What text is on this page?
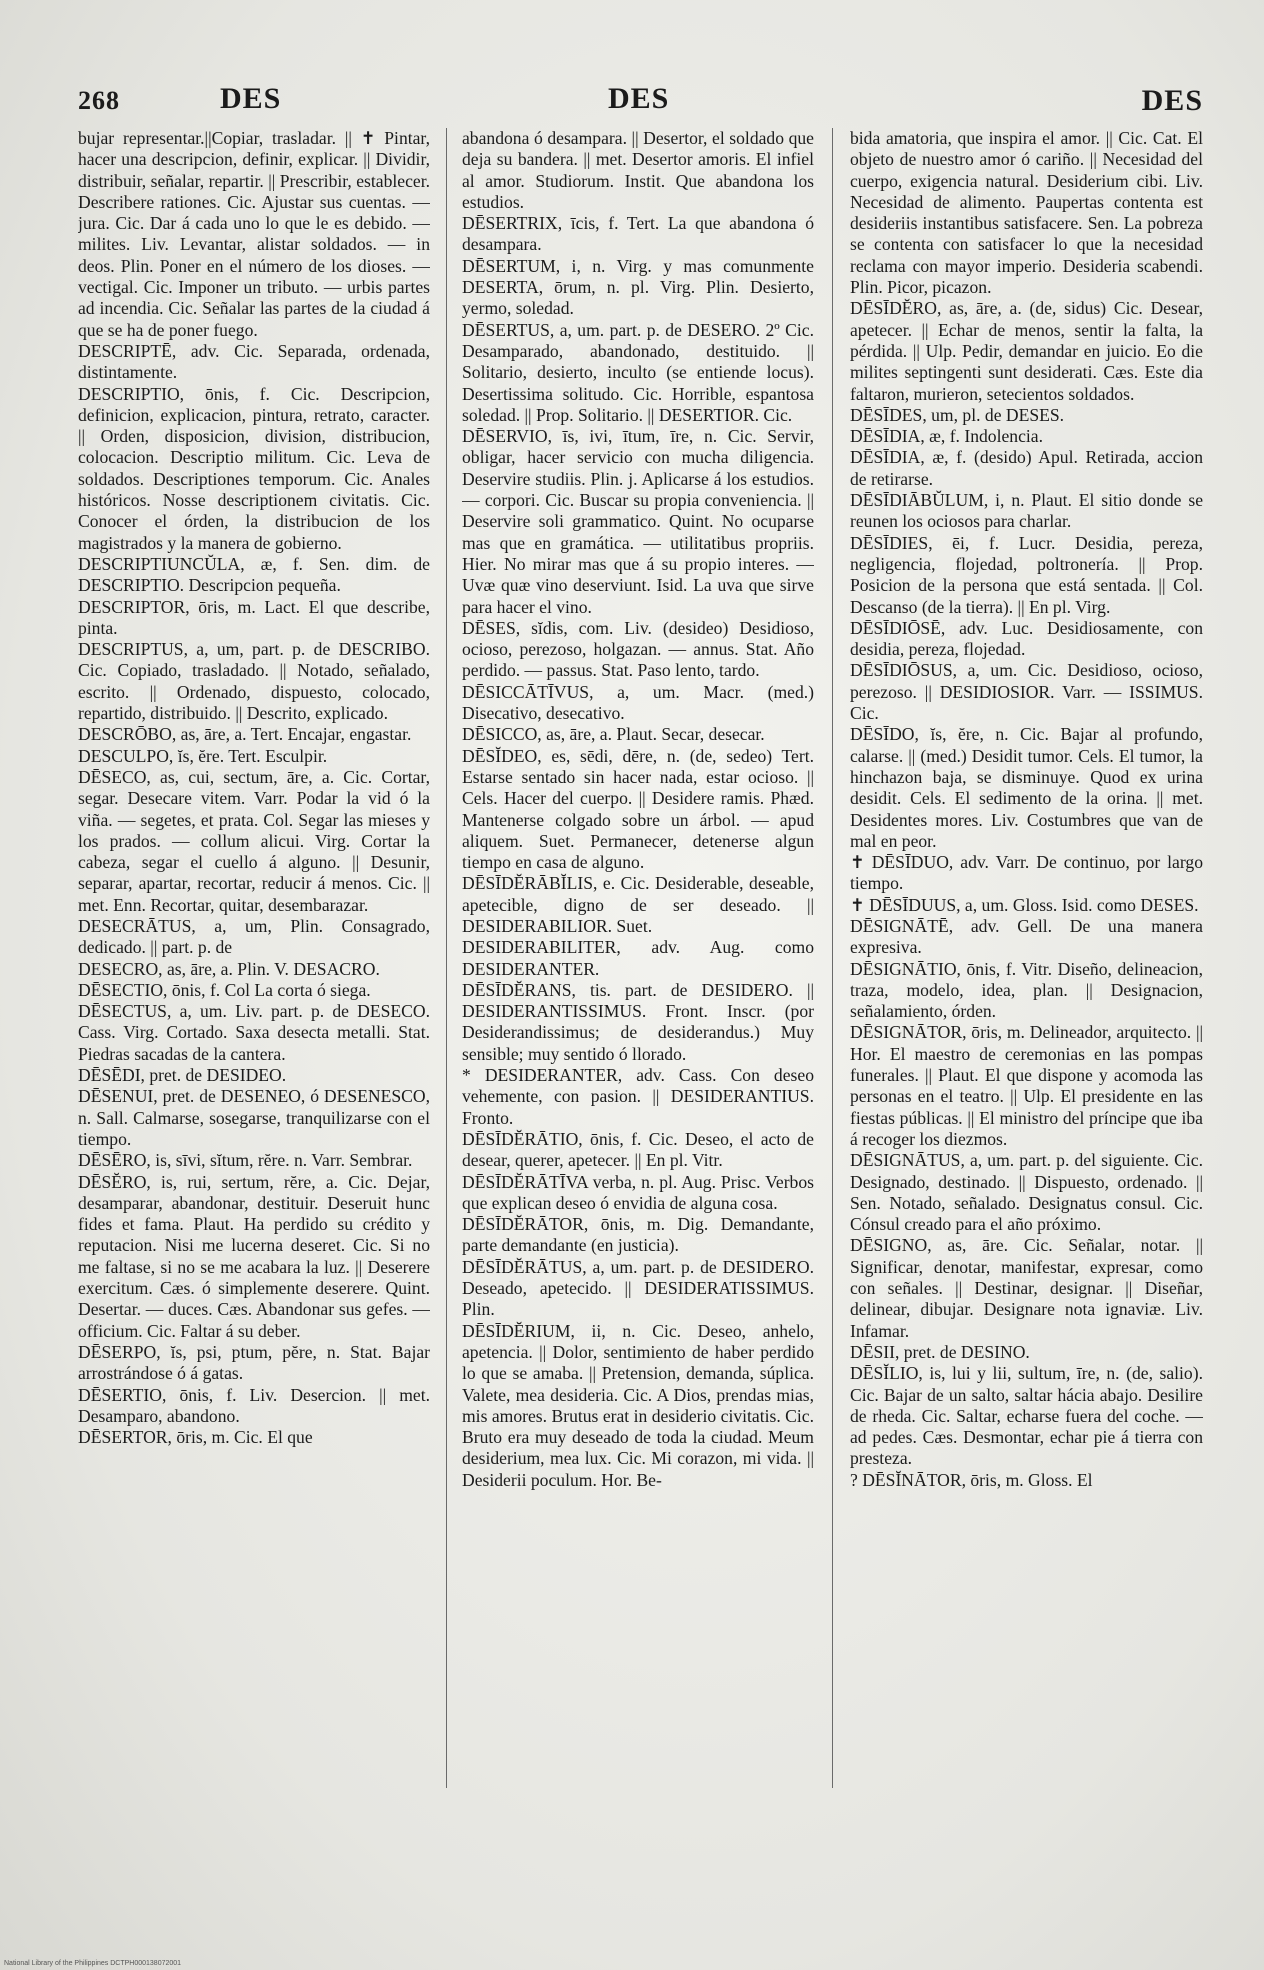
268	DES	DES	DES

bujar representar.||Copiar, trasladar. || ✝ Pintar, hacer una descripcion, definir, explicar. || Dividir, distribuir, señalar, repartir. || Prescribir, establecer. Describere rationes. Cic. Ajustar sus cuentas. — jura. Cic. Dar á cada uno lo que le es debido. — milites. Liv. Levantar, alistar soldados. — in deos. Plin. Poner en el número de los dioses. — vectigal. Cic. Imponer un tributo. — urbis partes ad incendia. Cic. Señalar las partes de la ciudad á que se ha de poner fuego.

DESCRIPTĒ, adv. Cic. Separada, ordenada, distintamente.

DESCRIPTIO, ōnis, f. Cic. Descripcion, definicion, explicacion, pintura, retrato, caracter. || Orden, disposicion, division, distribucion, colocacion. Descriptio militum. Cic. Leva de soldados. Descriptiones temporum. Cic. Anales históricos. Nosse descriptionem civitatis. Cic. Conocer el órden, la distribucion de los magistrados y la manera de gobierno.

DESCRIPTIUNCŬLA, æ, f. Sen. dim. de DESCRIPTIO. Descripcion pequeña.

DESCRIPTOR, ōris, m. Lact. El que describe, pinta.

DESCRIPTUS, a, um, part. p. de DESCRIBO. Cic. Copiado, trasladado. || Notado, señalado, escrito. || Ordenado, dispuesto, colocado, repartido, distribuido. || Descrito, explicado.

DESCRŌBO, as, āre, a. Tert. Encajar, engastar.

DESCULPO, ĭs, ĕre. Tert. Esculpir.

DĒSECO, as, cui, sectum, āre, a. Cic. Cortar, segar. Desecare vitem. Varr. Podar la vid ó la viña. — segetes, et prata. Col. Segar las mieses y los prados. — collum alicui. Virg. Cortar la cabeza, segar el cuello á alguno. || Desunir, separar, apartar, recortar, reducir á menos. Cic. || met. Enn. Recortar, quitar, desembarazar.

DESECRĀTUS, a, um, Plin. Consagrado, dedicado. || part. p. de

DESECRO, as, āre, a. Plin. V. DESACRO.

DĒSECTIO, ōnis, f. Col La corta ó siega.

DĒSECTUS, a, um. Liv. part. p. de DESECO. Cass. Virg. Cortado. Saxa desecta metalli. Stat. Piedras sacadas de la cantera.

DĒSĒDI, pret. de DESIDEO.

DĒSENUI, pret. de DESENEO, ó DESENESCO, n. Sall. Calmarse, sosegarse, tranquilizarse con el tiempo.

DĒSĒRO, is, sīvi, sĭtum, rĕre. n. Varr. Sembrar.

DĒSĔRO, is, rui, sertum, rĕre, a. Cic. Dejar, desamparar, abandonar, destituir. Deseruit hunc fides et fama. Plaut. Ha perdido su crédito y reputacion. Nisi me lucerna deseret. Cic. Si no me faltase, si no se me acabara la luz. || Deserere exercitum. Cæs. ó simplemente deserere. Quint. Desertar. — duces. Cæs. Abandonar sus gefes. — officium. Cic. Faltar á su deber.

DĒSERPO, ĭs, psi, ptum, pĕre, n. Stat. Bajar arrostrándose ó á gatas.

DĒSERTIO, ōnis, f. Liv. Desercion. || met. Desamparo, abandono.

DĒSERTOR, ōris, m. Cic. El que

abandona ó desampara. || Desertor, el soldado que deja su bandera. || met. Desertor amoris. El infiel al amor. Studiorum. Instit. Que abandona los estudios.

DĒSERTRIX, īcis, f. Tert. La que abandona ó desampara.

DĒSERTUM, i, n. Virg. y mas comunmente DESERTA, ōrum, n. pl. Virg. Plin. Desierto, yermo, soledad.

DĒSERTUS, a, um. part. p. de DESERO. 2º Cic. Desamparado, abandonado, destituido. || Solitario, desierto, inculto (se entiende locus). Desertissima solitudo. Cic. Horrible, espantosa soledad. || Prop. Solitario. || DESERTIOR. Cic.

DĒSERVIO, īs, ivi, ītum, īre, n. Cic. Servir, obligar, hacer servicio con mucha diligencia. Deservire studiis. Plin. j. Aplicarse á los estudios. — corpori. Cic. Buscar su propia conveniencia. || Deservire soli grammatico. Quint. No ocuparse mas que en gramática. — utilitatibus propriis. Hier. No mirar mas que á su propio interes. — Uvæ quæ vino deserviunt. Isid. La uva que sirve para hacer el vino.

DĒSES, sĭdis, com. Liv. (desideo) Desidioso, ocioso, perezoso, holgazan. — annus. Stat. Año perdido. — passus. Stat. Paso lento, tardo.

DĒSICCĀTĪVUS, a, um. Macr. (med.) Disecativo, desecativo.

DĒSICCO, as, āre, a. Plaut. Secar, desecar.

DĒSĬDEO, es, sēdi, dēre, n. (de, sedeo) Tert. Estarse sentado sin hacer nada, estar ocioso. || Cels. Hacer del cuerpo. || Desidere ramis. Phæd. Mantenerse colgado sobre un árbol. — apud aliquem. Suet. Permanecer, detenerse algun tiempo en casa de alguno.

DĒSĪDĔRĀBĬLIS, e. Cic. Desiderable, deseable, apetecible, digno de ser deseado. || DESIDERABILIOR. Suet.

DESIDERABILITER, adv. Aug. como DESIDERANTER.

DĒSĪDĔRANS, tis. part. de DESIDERO. || DESIDERANTISSIMUS. Front. Inscr. (por Desiderandissimus; de desiderandus.) Muy sensible; muy sentido ó llorado.

* DESIDERANTER, adv. Cass. Con deseo vehemente, con pasion. || DESIDERANTIUS. Fronto.

DĒSĪDĔRĀTIO, ōnis, f. Cic. Deseo, el acto de desear, querer, apetecer. || En pl. Vitr.

DĒSĪDĔRĀTĪVA verba, n. pl. Aug. Prisc. Verbos que explican deseo ó envidia de alguna cosa.

DĒSĪDĔRĀTOR, ōnis, m. Dig. Demandante, parte demandante (en justicia).

DĒSĪDĔRĀTUS, a, um. part. p. de DESIDERO. Deseado, apetecido. || DESIDERATISSIMUS. Plin.

DĒSĪDĔRIUM, ii, n. Cic. Deseo, anhelo, apetencia. || Dolor, sentimiento de haber perdido lo que se amaba. || Pretension, demanda, súplica. Valete, mea desideria. Cic. A Dios, prendas mias, mis amores. Brutus erat in desiderio civitatis. Cic. Bruto era muy deseado de toda la ciudad. Meum desiderium, mea lux. Cic. Mi corazon, mi vida. || Desiderii poculum. Hor. Be-

bida amatoria, que inspira el amor. || Cic. Cat. El objeto de nuestro amor ó cariño. || Necesidad del cuerpo, exigencia natural. Desiderium cibi. Liv. Necesidad de alimento. Paupertas contenta est desideriis instantibus satisfacere. Sen. La pobreza se contenta con satisfacer lo que la necesidad reclama con mayor imperio. Desideria scabendi. Plin. Picor, picazon.

DĒSĪDĔRO, as, āre, a. (de, sidus) Cic. Desear, apetecer. || Echar de menos, sentir la falta, la pérdida. || Ulp. Pedir, demandar en juicio. Eo die milites septingenti sunt desiderati. Cæs. Este dia faltaron, murieron, setecientos soldados.

DĒSĪDES, um, pl. de DESES.

DĒSĪDIA, æ, f. Indolencia.

DĒSĪDIA, æ, f. (desido) Apul. Retirada, accion de retirarse.

DĒSĪDIĀBŬLUM, i, n. Plaut. El sitio donde se reunen los ociosos para charlar.

DĒSĪDIES, ēi, f. Lucr. Desidia, pereza, negligencia, flojedad, poltronería. || Prop. Posicion de la persona que está sentada. || Col. Descanso (de la tierra). || En pl. Virg.

DĒSĪDIŌSĒ, adv. Luc. Desidiosamente, con desidia, pereza, flojedad.

DĒSĪDIŌSUS, a, um. Cic. Desidioso, ocioso, perezoso. || DESIDIOSIOR. Varr. — ISSIMUS. Cic.

DĒSĪDO, ĭs, ĕre, n. Cic. Bajar al profundo, calarse. || (med.) Desidit tumor. Cels. El tumor, la hinchazon baja, se disminuye. Quod ex urina desidit. Cels. El sedimento de la orina. || met. Desidentes mores. Liv. Costumbres que van de mal en peor.

✝ DĒSĪDUO, adv. Varr. De continuo, por largo tiempo.

✝ DĒSĪDUUS, a, um. Gloss. Isid. como DESES.

DĒSIGNĀTĒ, adv. Gell. De una manera expresiva.

DĒSIGNĀTIO, ōnis, f. Vitr. Diseño, delineacion, traza, modelo, idea, plan. || Designacion, señalamiento, órden.

DĒSIGNĀTOR, ōris, m. Delineador, arquitecto. || Hor. El maestro de ceremonias en las pompas funerales. || Plaut. El que dispone y acomoda las personas en el teatro. || Ulp. El presidente en las fiestas públicas. || El ministro del príncipe que iba á recoger los diezmos.

DĒSIGNĀTUS, a, um. part. p. del siguiente. Cic. Designado, destinado. || Dispuesto, ordenado. || Sen. Notado, señalado. Designatus consul. Cic. Cónsul creado para el año próximo.

DĒSIGNO, as, āre. Cic. Señalar, notar. || Significar, denotar, manifestar, expresar, como con señales. || Destinar, designar. || Diseñar, delinear, dibujar. Designare nota ignaviæ. Liv. Infamar.

DĒSII, pret. de DESINO.

DĒSĬLIO, is, lui y lii, sultum, īre, n. (de, salio). Cic. Bajar de un salto, saltar hácia abajo. Desilire de rheda. Cic. Saltar, echarse fuera del coche. — ad pedes. Cæs. Desmontar, echar pie á tierra con presteza.

? DĒSĬNĀTOR, ōris, m. Gloss. El

National Library of the Philippines DCTPH000138072001
